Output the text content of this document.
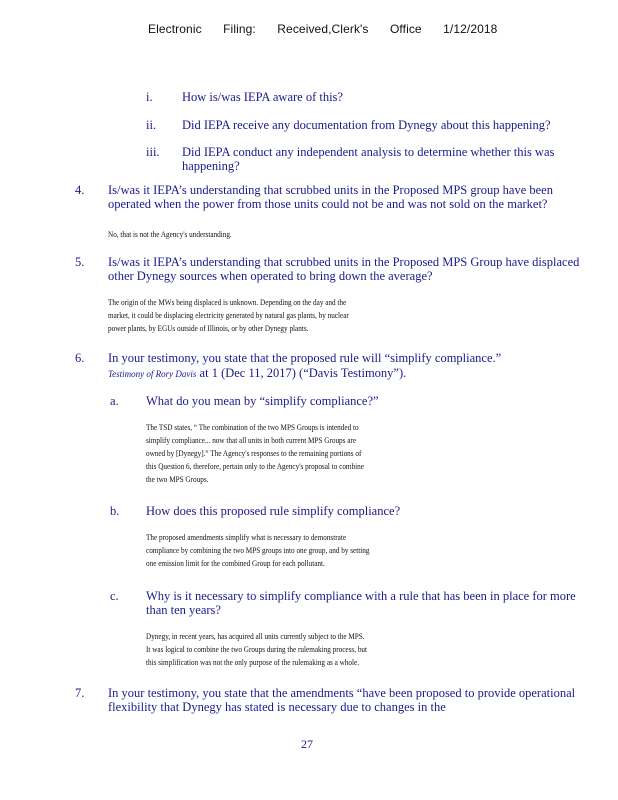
Electronic Filing: Received,Clerk's Office 1/12/2018
i. How is/was IEPA aware of this?
ii. Did IEPA receive any documentation from Dynegy about this happening?
iii. Did IEPA conduct any independent analysis to determine whether this was happening?
4. Is/was it IEPA’s understanding that scrubbed units in the Proposed MPS group have been operated when the power from those units could not be and was not sold on the market?
No, that is not the Agency's understanding.
5. Is/was it IEPA’s understanding that scrubbed units in the Proposed MPS Group have displaced other Dynegy sources when operated to bring down the average?
The origin of the MWs being displaced is unknown. Depending on the day and the
market, it could be displacing electricity generated by natural gas plants, by nuclear
power plants, by EGUs outside of Illinois, or by other Dynegy plants.
6. In your testimony, you state that the proposed rule will “simplify compliance.”
Testimony of Rory Davis at 1 (Dec 11, 2017) (“Davis Testimony”).
a. What do you mean by “simplify compliance?”
The TSD states, “ The combination of the two MPS Groups is intended to
simplify compliance... now that all units in both current MPS Groups are
owned by [Dynegy].” The Agency's responses to the remaining portions of
this Question 6, therefore, pertain only to the Agency's proposal to combine
the two MPS Groups.
b. How does this proposed rule simplify compliance?
The proposed amendments simplify what is necessary to demonstrate
compliance by combining the two MPS groups into one group, and by setting
one emission limit for the combined Group for each pollutant.
c. Why is it necessary to simplify compliance with a rule that has been in place for more than ten years?
Dynegy, in recent years, has acquired all units currently subject to the MPS.
It was logical to combine the two Groups during the rulemaking process, but
this simplification was not the only purpose of the rulemaking as a whole.
7. In your testimony, you state that the amendments “have been proposed to provide operational flexibility that Dynegy has stated is necessary due to changes in the
27
